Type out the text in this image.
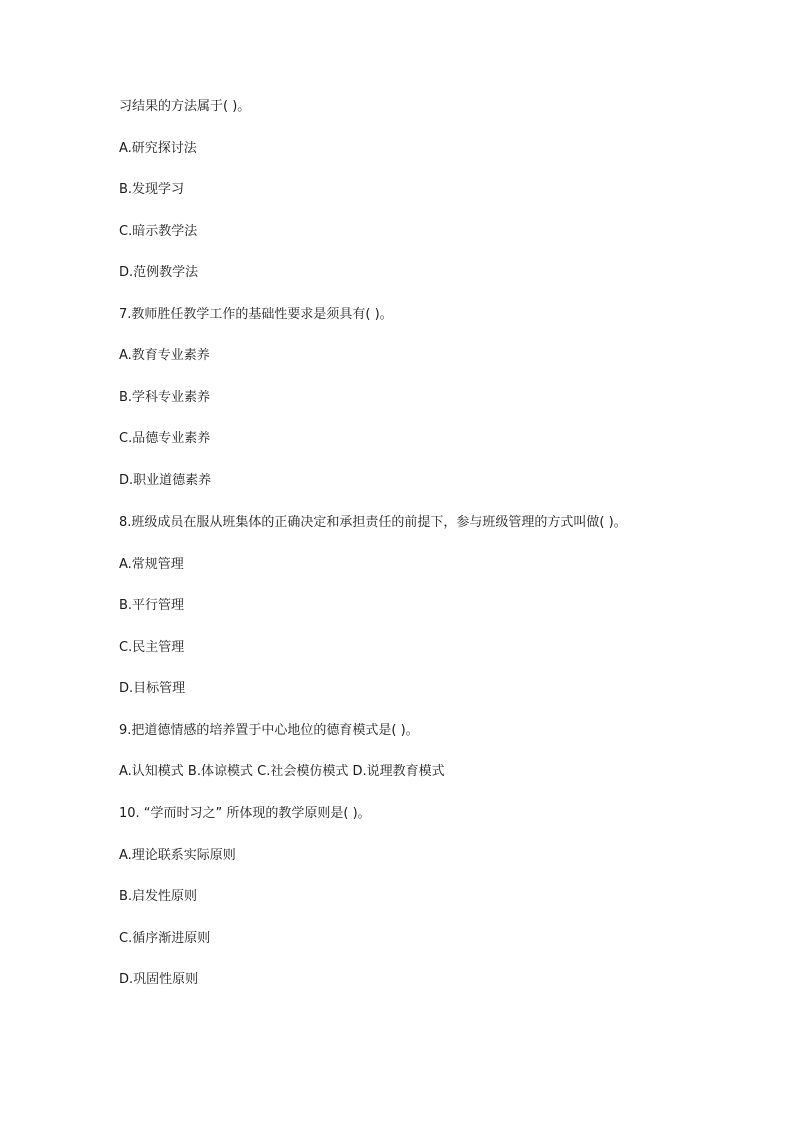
习结果的方法属于( )。
A.研究探讨法
B.发现学习
C.暗示教学法
D.范例教学法
7.教师胜任教学工作的基础性要求是须具有( )。
A.教育专业素养
B.学科专业素养
C.品德专业素养
D.职业道德素养
8.班级成员在服从班集体的正确决定和承担责任的前提下，参与班级管理的方式叫做( )。
A.常规管理
B.平行管理
C.民主管理
D.目标管理
9.把道德情感的培养置于中心地位的德育模式是( )。
A.认知模式 B.体谅模式 C.社会模仿模式 D.说理教育模式
10. “学而时习之” 所体现的教学原则是( )。
A.理论联系实际原则
B.启发性原则
C.循序渐进原则
D.巩固性原则
